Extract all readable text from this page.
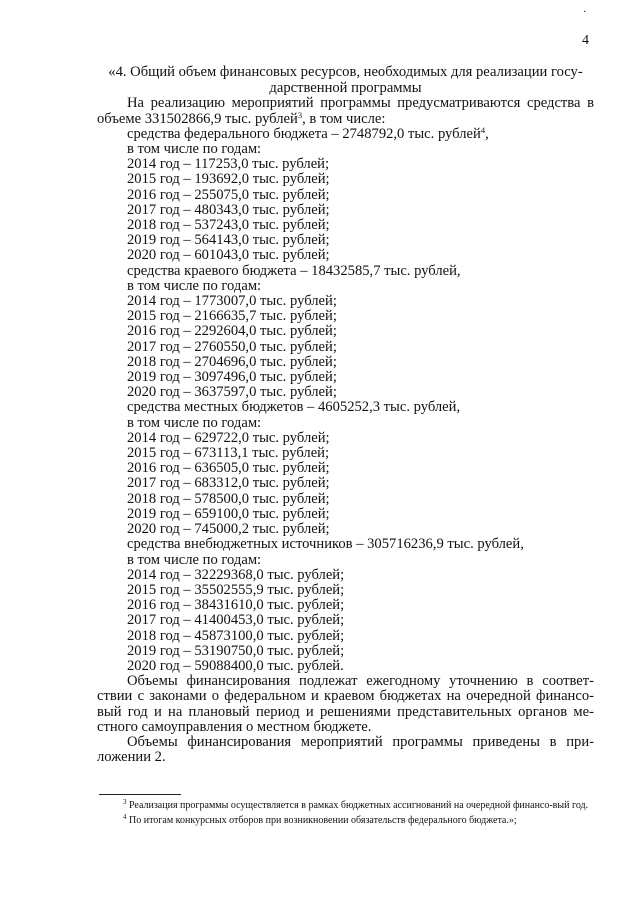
·
4

«4. Общий объем финансовых ресурсов, необходимых для реализации госу-дарственной программы

На реализацию мероприятий программы предусматриваются средства в объеме 331502866,9 тыс. рублей$^3$, в том числе:

средства федерального бюджета – 2748792,0 тыс. рублей$^4$,

в том числе по годам:

2014 год – 117253,0 тыс. рублей;
2015 год – 193692,0 тыс. рублей;
2016 год – 255075,0 тыс. рублей;
2017 год – 480343,0 тыс. рублей;
2018 год – 537243,0 тыс. рублей;
2019 год – 564143,0 тыс. рублей;
2020 год – 601043,0 тыс. рублей;

средства краевого бюджета – 18432585,7 тыс. рублей,

в том числе по годам:

2014 год – 1773007,0 тыс. рублей;
2015 год – 2166635,7 тыс. рублей;
2016 год – 2292604,0 тыс. рублей;
2017 год – 2760550,0 тыс. рублей;
2018 год – 2704696,0 тыс. рублей;
2019 год – 3097496,0 тыс. рублей;
2020 год – 3637597,0 тыс. рублей;

средства местных бюджетов – 4605252,3 тыс. рублей,

в том числе по годам:

2014 год – 629722,0 тыс. рублей;
2015 год – 673113,1 тыс. рублей;
2016 год – 636505,0 тыс. рублей;
2017 год – 683312,0 тыс. рублей;
2018 год – 578500,0 тыс. рублей;
2019 год – 659100,0 тыс. рублей;
2020 год – 745000,2 тыс. рублей;

средства внебюджетных источников – 305716236,9 тыс. рублей,

в том числе по годам:

2014 год – 32229368,0 тыс. рублей;
2015 год – 35502555,9 тыс. рублей;
2016 год – 38431610,0 тыс. рублей;
2017 год – 41400453,0 тыс. рублей;
2018 год – 45873100,0 тыс. рублей;
2019 год – 53190750,0 тыс. рублей;
2020 год – 59088400,0 тыс. рублей.

Объемы финансирования подлежат ежегодному уточнению в соответ-ствии с законами о федеральном и краевом бюджетах на очередной финансо-вый год и на плановый период и решениями представительных органов ме-стного самоуправления о местном бюджете.

Объемы финансирования мероприятий программы приведены в при-ложении 2.

$^3$ Реализация программы осуществляется в рамках бюджетных ассигнований на очередной финансо-вый год.

$^4$ По итогам конкурсных отборов при возникновении обязательств федерального бюджета.»;
